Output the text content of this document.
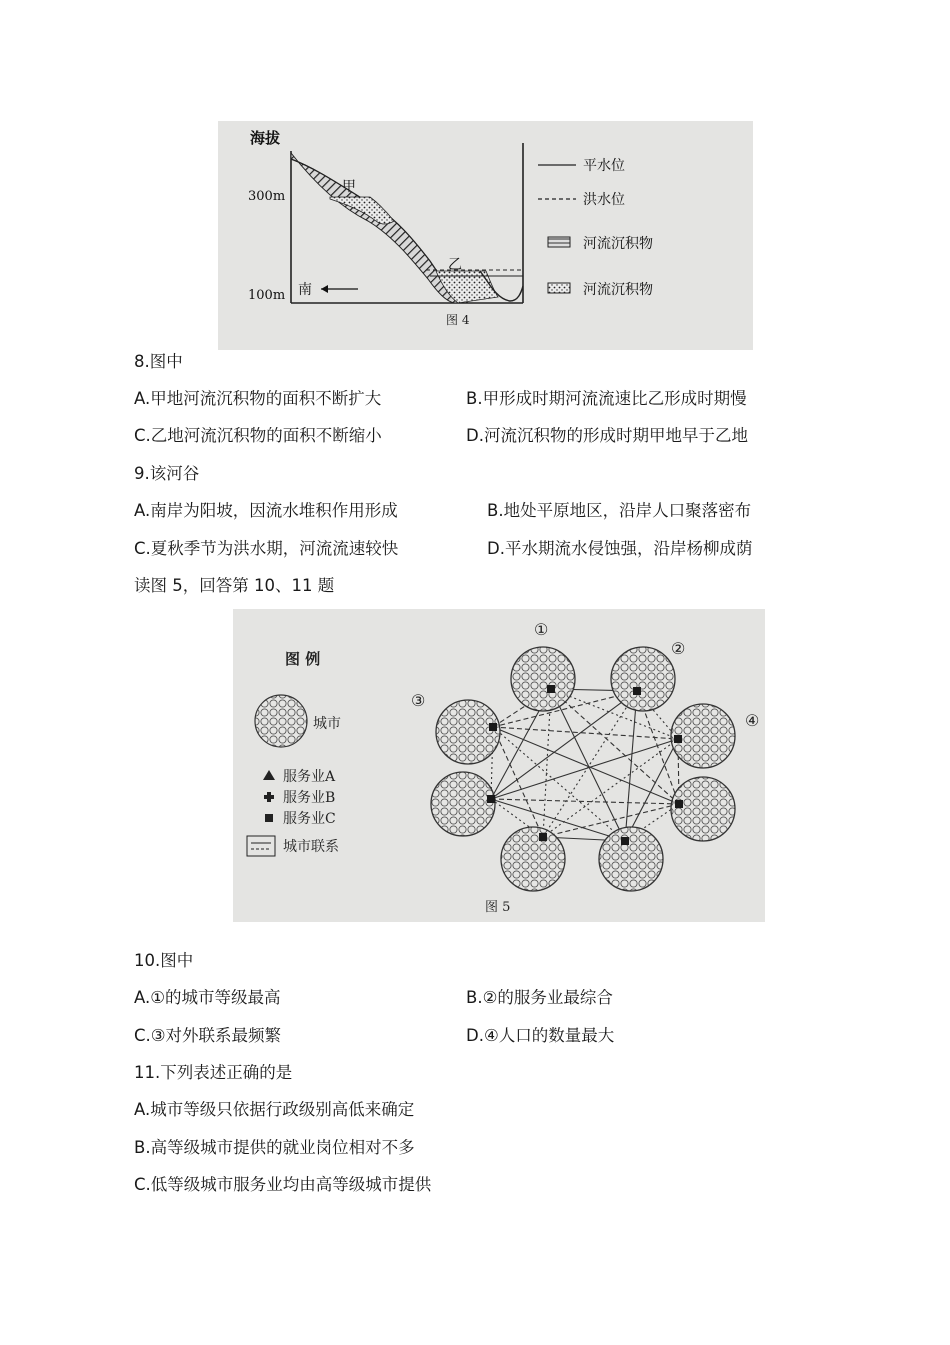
海拔
300m
100m 南
甲
乙
平水位
洪水位
河流沉积物
河流沉积物
图 4
8.图中
A.甲地河流沉积物的面积不断扩大	B.甲形成时期河流流速比乙形成时期慢
C.乙地河流沉积物的面积不断缩小	D.河流沉积物的形成时期甲地早于乙地
9.该河谷
A.南岸为阳坡，因流水堆积作用形成	B.地处平原地区，沿岸人口聚落密布
C.夏秋季节为洪水期，河流流速较快	D.平水期流水侵蚀强，沿岸杨柳成荫
读图 5，回答第 10、11 题
图 例
城市
服务业A
服务业B
服务业C
城市联系
①
②
③
④
图 5
10.图中
A.①的城市等级最高	B.②的服务业最综合
C.③对外联系最频繁	D.④人口的数量最大
11.下列表述正确的是
A.城市等级只依据行政级别高低来确定
B.高等级城市提供的就业岗位相对不多
C.低等级城市服务业均由高等级城市提供
